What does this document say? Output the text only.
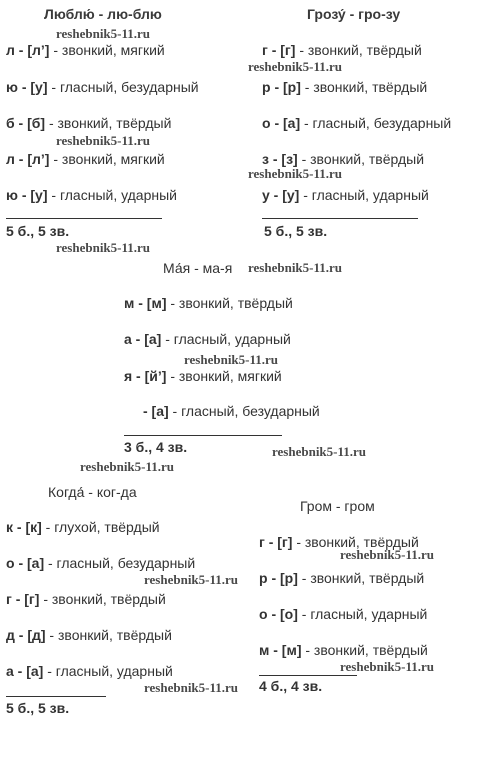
Люблю́ - лю-блю
л - [л’] - звонкий, мягкий
ю - [у] - гласный, безударный
б - [б] - звонкий, твёрдый
л - [л’] - звонкий, мягкий
ю - [у] - гласный, ударный
5 б., 5 зв.
Грозу́ - гро-зу
г - [г] - звонкий, твёрдый
р - [р] - звонкий, твёрдый
о - [а] - гласный, безударный
з - [з] - звонкий, твёрдый
у - [у] - гласный, ударный
5 б., 5 зв.
Ма́я - ма-я
м - [м] - звонкий, твёрдый
а - [а] - гласный, ударный
я - [й’] - звонкий, мягкий
- [а] - гласный, безударный
3 б., 4 зв.
Когда́ - ког-да
к - [к] - глухой, твёрдый
о - [а] - гласный, безударный
г - [г] - звонкий, твёрдый
д - [д] - звонкий, твёрдый
а - [а] - гласный, ударный
5 б., 5 зв.
Гром - гром
г - [г] - звонкий, твёрдый
р - [р] - звонкий, твёрдый
о - [о] - гласный, ударный
м - [м] - звонкий, твёрдый
4 б., 4 зв.
reshebnik5-11.ru
reshebnik5-11.ru
reshebnik5-11.ru
reshebnik5-11.ru
reshebnik5-11.ru
reshebnik5-11.ru
reshebnik5-11.ru
reshebnik5-11.ru
reshebnik5-11.ru
reshebnik5-11.ru
reshebnik5-11.ru
reshebnik5-11.ru
reshebnik5-11.ru
